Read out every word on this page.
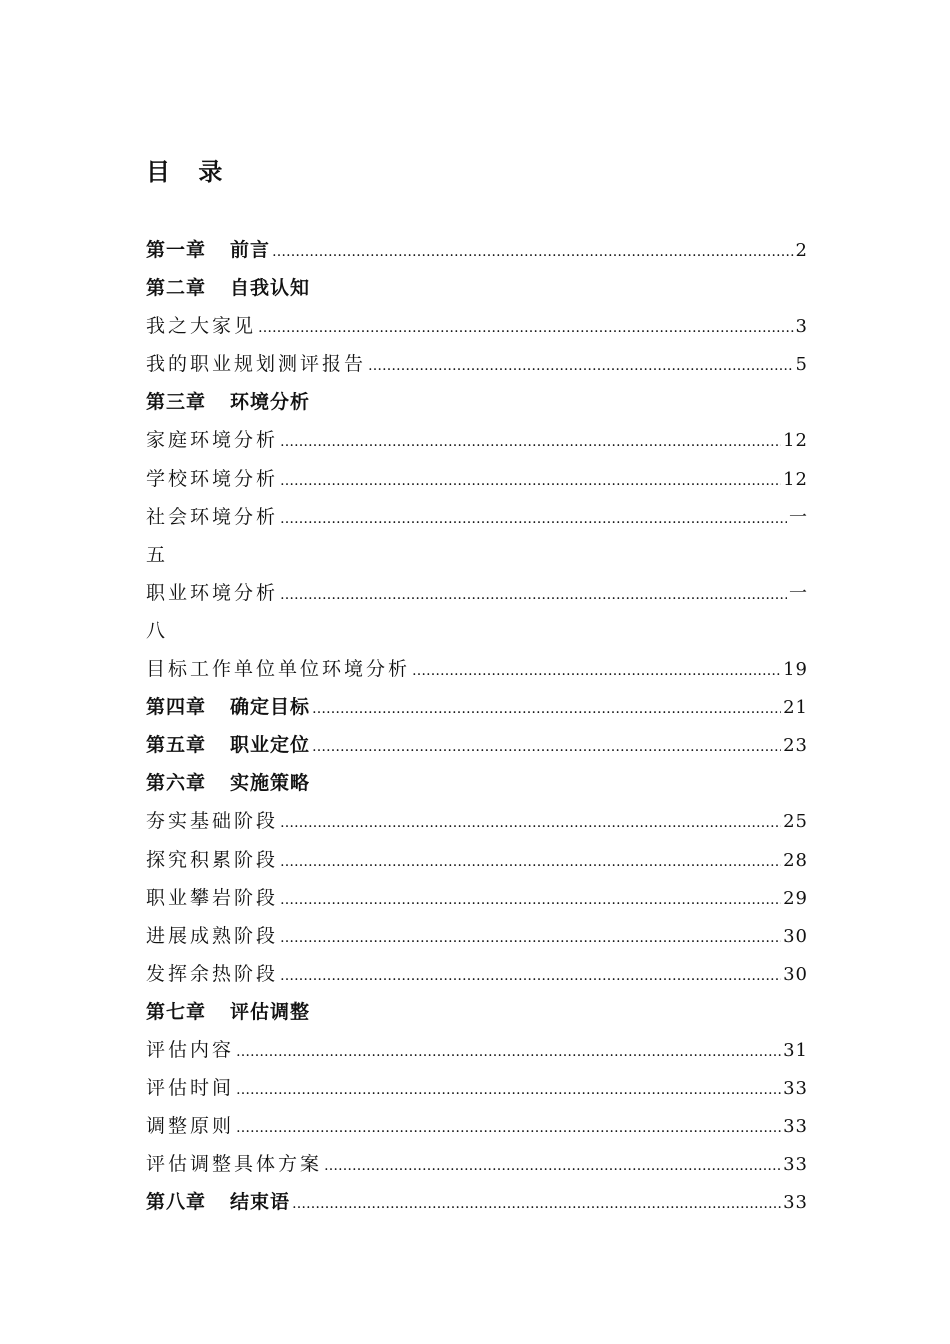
目 录
第一章 前言 …………………………………………………………………………………………………………………………………………………………………………	2
第二章 自我认知
我之大家见 …………………………………………………………………………………………………………………………………………………………………………	3
我的职业规划测评报告 …………………………………………………………………………………………………………………………………………………………………………	5
第三章 环境分析
家庭环境分析 …………………………………………………………………………………………………………………………………………………………………………	12
学校环境分析 …………………………………………………………………………………………………………………………………………………………………………	12
社会环境分析 …………………………………………………………………………………………………………………………………………………………………………	一
五
职业环境分析 …………………………………………………………………………………………………………………………………………………………………………	一
八
目标工作单位单位环境分析 …………………………………………………………………………………………………………………………………………………………………………	19
第四章 确定目标 …………………………………………………………………………………………………………………………………………………………………………	21
第五章 职业定位 …………………………………………………………………………………………………………………………………………………………………………	23
第六章 实施策略
夯实基础阶段 …………………………………………………………………………………………………………………………………………………………………………	25
探究积累阶段 …………………………………………………………………………………………………………………………………………………………………………	28
职业攀岩阶段 …………………………………………………………………………………………………………………………………………………………………………	29
进展成熟阶段 …………………………………………………………………………………………………………………………………………………………………………	30
发挥余热阶段 …………………………………………………………………………………………………………………………………………………………………………	30
第七章 评估调整
评估内容 …………………………………………………………………………………………………………………………………………………………………………	31
评估时间 …………………………………………………………………………………………………………………………………………………………………………	33
调整原则 …………………………………………………………………………………………………………………………………………………………………………	33
评估调整具体方案 …………………………………………………………………………………………………………………………………………………………………………	33
第八章 结束语 …………………………………………………………………………………………………………………………………………………………………………	33
